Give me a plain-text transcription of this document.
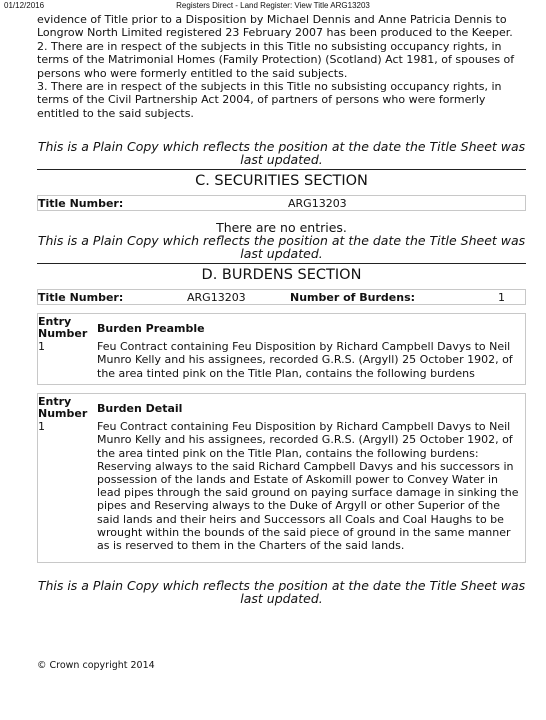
01/12/2016	Registers Direct - Land Register: View Title ARG13203

evidence of Title prior to a Disposition by Michael Dennis and Anne Patricia Dennis to Longrow North Limited registered 23 February 2007 has been produced to the Keeper.

2. There are in respect of the subjects in this Title no subsisting occupancy rights, in terms of the Matrimonial Homes (Family Protection) (Scotland) Act 1981, of spouses of persons who were formerly entitled to the said subjects.

3. There are in respect of the subjects in this Title no subsisting occupancy rights, in terms of the Civil Partnership Act 2004, of partners of persons who were formerly entitled to the said subjects.

This is a Plain Copy which reflects the position at the date the Title Sheet was last updated.
C. SECURITIES SECTION
Title Number:	ARG13203
There are no entries.
This is a Plain Copy which reflects the position at the date the Title Sheet was last updated.
D. BURDENS SECTION
Title Number:	ARG13203	Number of Burdens:	1
Entry Number Burden Preamble
1	Feu Contract containing Feu Disposition by Richard Campbell Davys to Neil Munro Kelly and his assignees, recorded G.R.S. (Argyll) 25 October 1902, of the area tinted pink on the Title Plan, contains the following burdens
Entry Number Burden Detail
1	Feu Contract containing Feu Disposition by Richard Campbell Davys to Neil Munro Kelly and his assignees, recorded G.R.S. (Argyll) 25 October 1902, of the area tinted pink on the Title Plan, contains the following burdens: Reserving always to the said Richard Campbell Davys and his successors in possession of the lands and Estate of Askomill power to Convey Water in lead pipes through the said ground on paying surface damage in sinking the pipes and Reserving always to the Duke of Argyll or other Superior of the said lands and their heirs and Successors all Coals and Coal Haughs to be wrought within the bounds of the said piece of ground in the same manner as is reserved to them in the Charters of the said lands.
This is a Plain Copy which reflects the position at the date the Title Sheet was last updated.
© Crown copyright 2014
